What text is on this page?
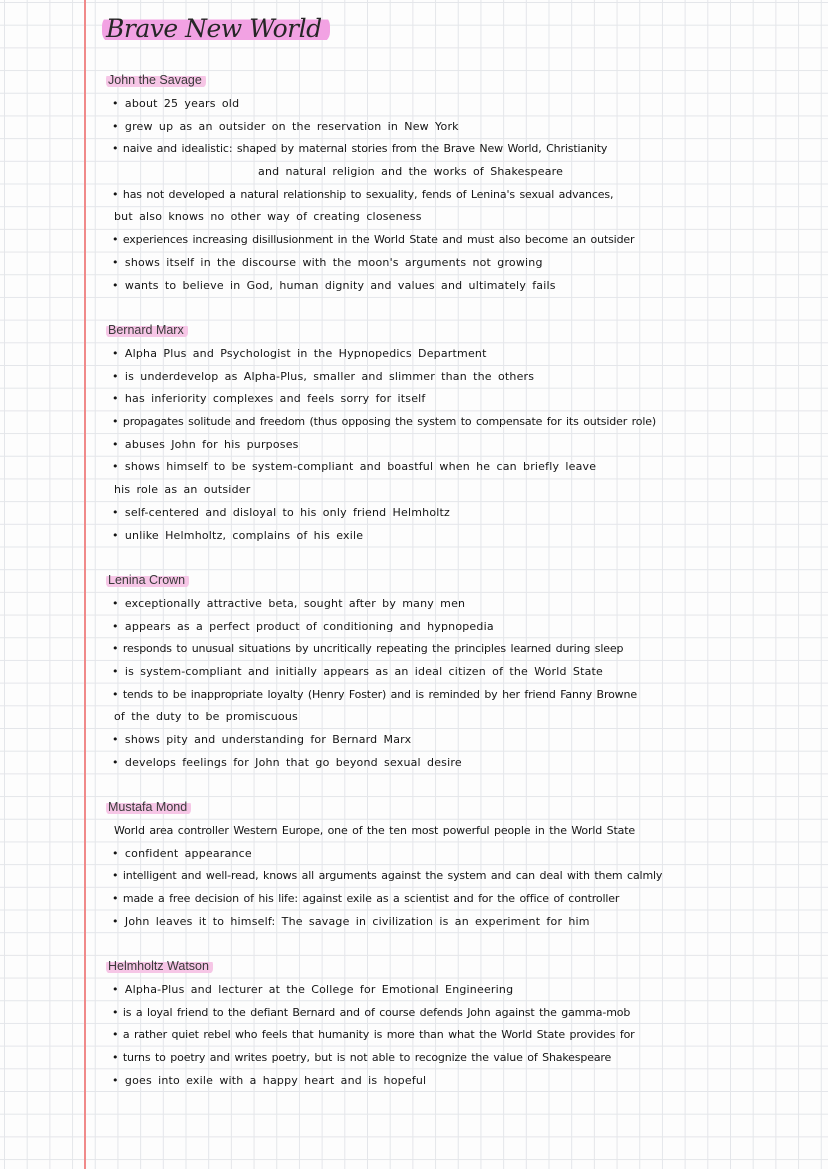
Brave New World
John the Savage
• about 25 years old
• grew up as an outsider on the reservation in New York
• naive and idealistic: shaped by maternal stories from the Brave New World, Christianity
and natural religion and the works of Shakespeare
• has not developed a natural relationship to sexuality, fends of Lenina's sexual advances,
but also knows no other way of creating closeness
• experiences increasing disillusionment in the World State and must also become an outsider
• shows itself in the discourse with the moon's arguments not growing
• wants to believe in God, human dignity and values and ultimately fails
Bernard Marx
• Alpha Plus and Psychologist in the Hypnopedics Department
• is underdevelop as Alpha-Plus, smaller and slimmer than the others
• has inferiority complexes and feels sorry for itself
• propagates solitude and freedom (thus opposing the system to compensate for its outsider role)
• abuses John for his purposes
• shows himself to be system-compliant and boastful when he can briefly leave
his role as an outsider
• self-centered and disloyal to his only friend Helmholtz
• unlike Helmholtz, complains of his exile
Lenina Crown
• exceptionally attractive beta, sought after by many men
• appears as a perfect product of conditioning and hypnopedia
• responds to unusual situations by uncritically repeating the principles learned during sleep
• is system-compliant and initially appears as an ideal citizen of the World State
• tends to be inappropriate loyalty (Henry Foster) and is reminded by her friend Fanny Browne
of the duty to be promiscuous
• shows pity and understanding for Bernard Marx
• develops feelings for John that go beyond sexual desire
Mustafa Mond
World area controller Western Europe, one of the ten most powerful people in the World State
• confident appearance
• intelligent and well-read, knows all arguments against the system and can deal with them calmly
• made a free decision of his life: against exile as a scientist and for the office of controller
• John leaves it to himself: The savage in civilization is an experiment for him
Helmholtz Watson
• Alpha-Plus and lecturer at the College for Emotional Engineering
• is a loyal friend to the defiant Bernard and of course defends John against the gamma-mob
• a rather quiet rebel who feels that humanity is more than what the World State provides for
• turns to poetry and writes poetry, but is not able to recognize the value of Shakespeare
• goes into exile with a happy heart and is hopeful
